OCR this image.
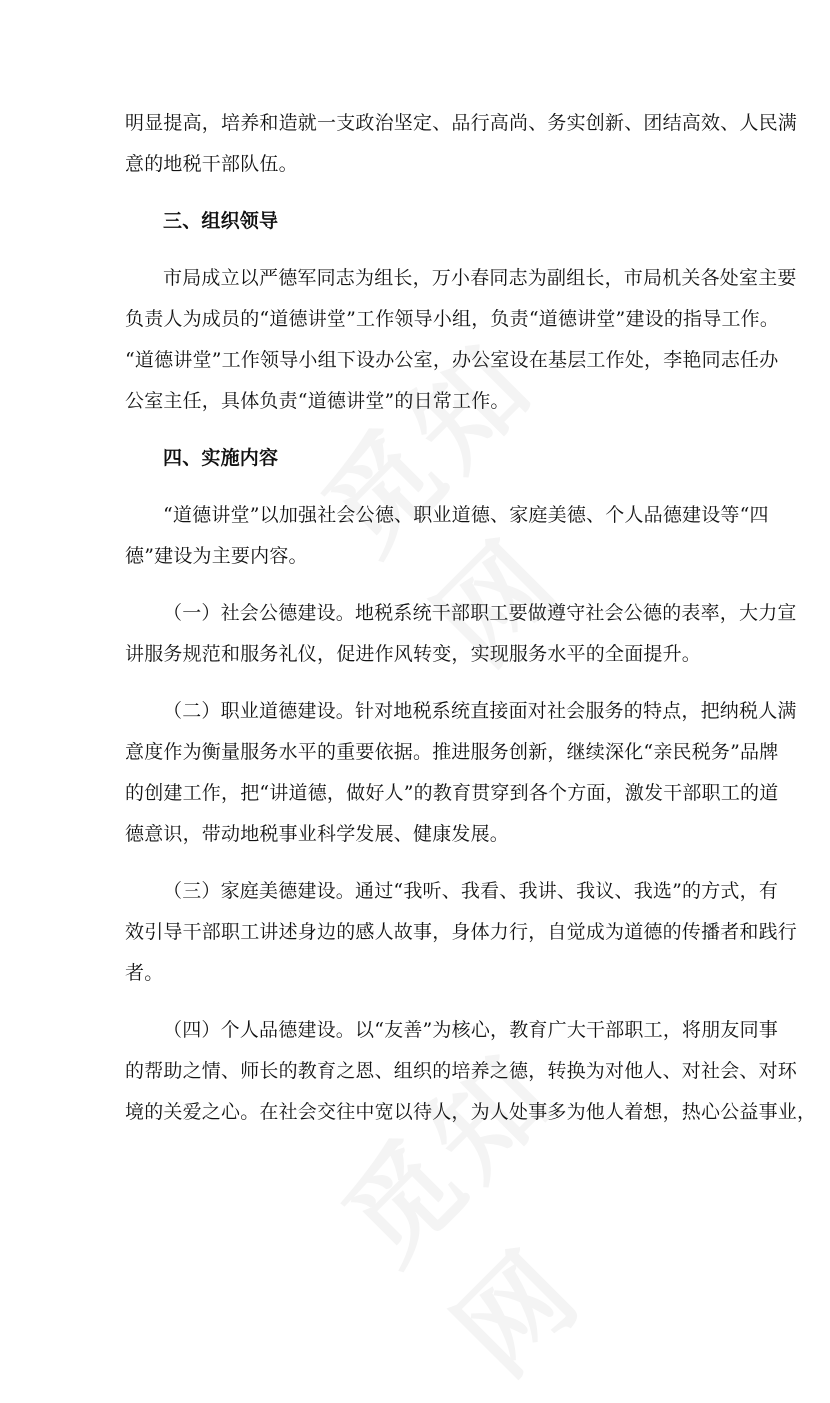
明显提高，培养和造就一支政治坚定、品行高尚、务实创新、团结高效、人民满
意的地税干部队伍。
三、组织领导
市局成立以严德军同志为组长，万小春同志为副组长，市局机关各处室主要
负责人为成员的“道德讲堂”工作领导小组，负责“道德讲堂”建设的指导工作。
“道德讲堂”工作领导小组下设办公室，办公室设在基层工作处，李艳同志任办
公室主任，具体负责“道德讲堂”的日常工作。
四、实施内容
“道德讲堂”以加强社会公德、职业道德、家庭美德、个人品德建设等“四
德”建设为主要内容。
（一）社会公德建设。地税系统干部职工要做遵守社会公德的表率，大力宣
讲服务规范和服务礼仪，促进作风转变，实现服务水平的全面提升。
（二）职业道德建设。针对地税系统直接面对社会服务的特点，把纳税人满
意度作为衡量服务水平的重要依据。推进服务创新，继续深化“亲民税务”品牌
的创建工作，把“讲道德，做好人”的教育贯穿到各个方面，激发干部职工的道
德意识，带动地税事业科学发展、健康发展。
（三）家庭美德建设。通过“我听、我看、我讲、我议、我选”的方式，有
效引导干部职工讲述身边的感人故事，身体力行，自觉成为道德的传播者和践行
者。
（四）个人品德建设。以“友善”为核心，教育广大干部职工，将朋友同事
的帮助之情、师长的教育之恩、组织的培养之德，转换为对他人、对社会、对环
境的关爱之心。在社会交往中宽以待人，为人处事多为他人着想，热心公益事业，
